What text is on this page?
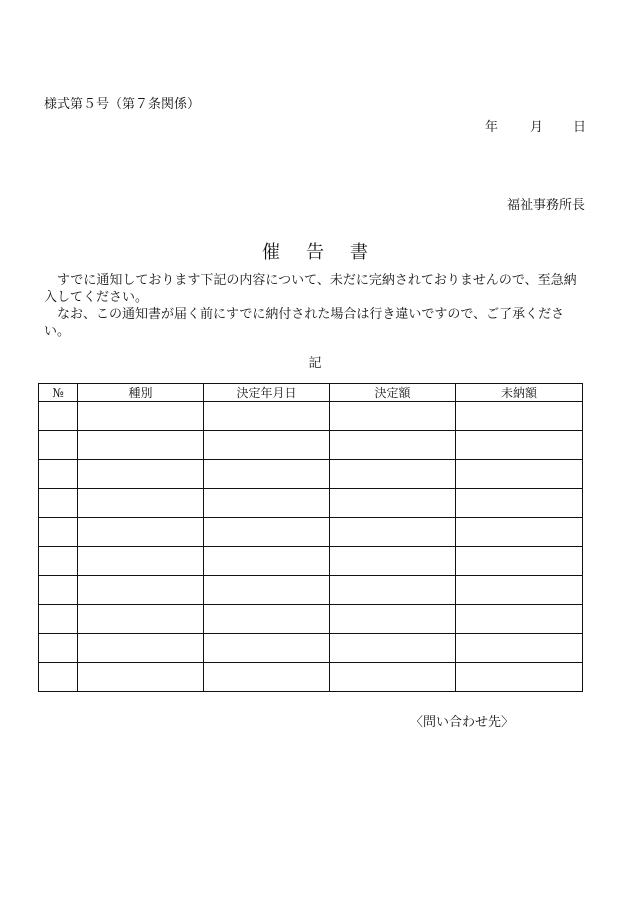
様式第５号（第７条関係）
年 月 日
福祉事務所長
催 告 書
すでに通知しております下記の内容について、未だに完納されておりませんので、至急納入してください。
なお、この通知書が届く前にすでに納付された場合は行き違いですので、ご了承ください。
記
№	種別	決定年月日	決定額	未納額

〈問い合わせ先〉
